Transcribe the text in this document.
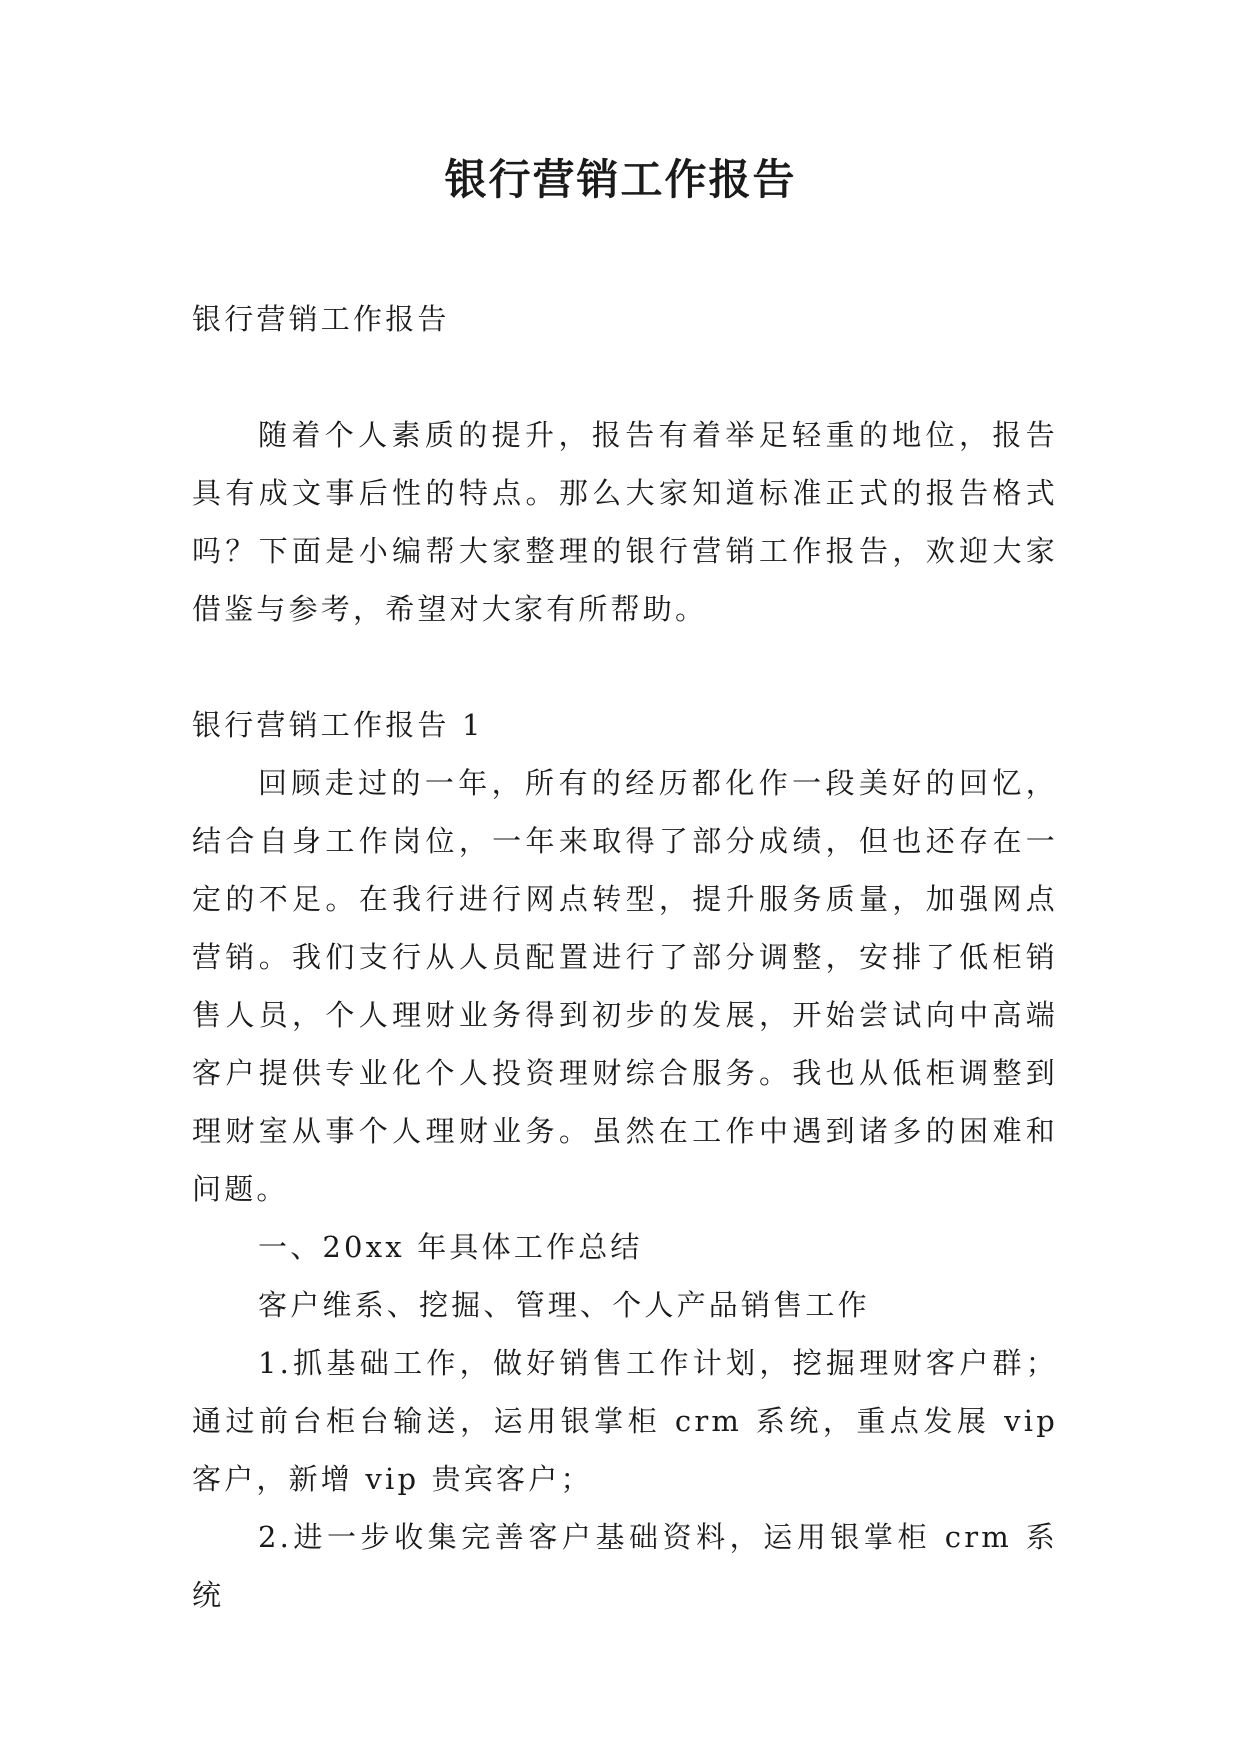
银行营销工作报告

银行营销工作报告

随着个人素质的提升，报告有着举足轻重的地位，报告具有成文事后性的特点。那么大家知道标准正式的报告格式吗？下面是小编帮大家整理的银行营销工作报告，欢迎大家借鉴与参考，希望对大家有所帮助。

银行营销工作报告 1

回顾走过的一年，所有的经历都化作一段美好的回忆，结合自身工作岗位，一年来取得了部分成绩，但也还存在一定的不足。在我行进行网点转型，提升服务质量，加强网点营销。我们支行从人员配置进行了部分调整，安排了低柜销售人员，个人理财业务得到初步的发展，开始尝试向中高端客户提供专业化个人投资理财综合服务。我也从低柜调整到理财室从事个人理财业务。虽然在工作中遇到诸多的困难和问题。

一、20xx 年具体工作总结

客户维系、挖掘、管理、个人产品销售工作

1.抓基础工作，做好销售工作计划，挖掘理财客户群；通过前台柜台输送，运用银掌柜 crm 系统，重点发展 vip 客户，新增 vip 贵宾客户；

2.进一步收集完善客户基础资料，运用银掌柜 crm 系统
